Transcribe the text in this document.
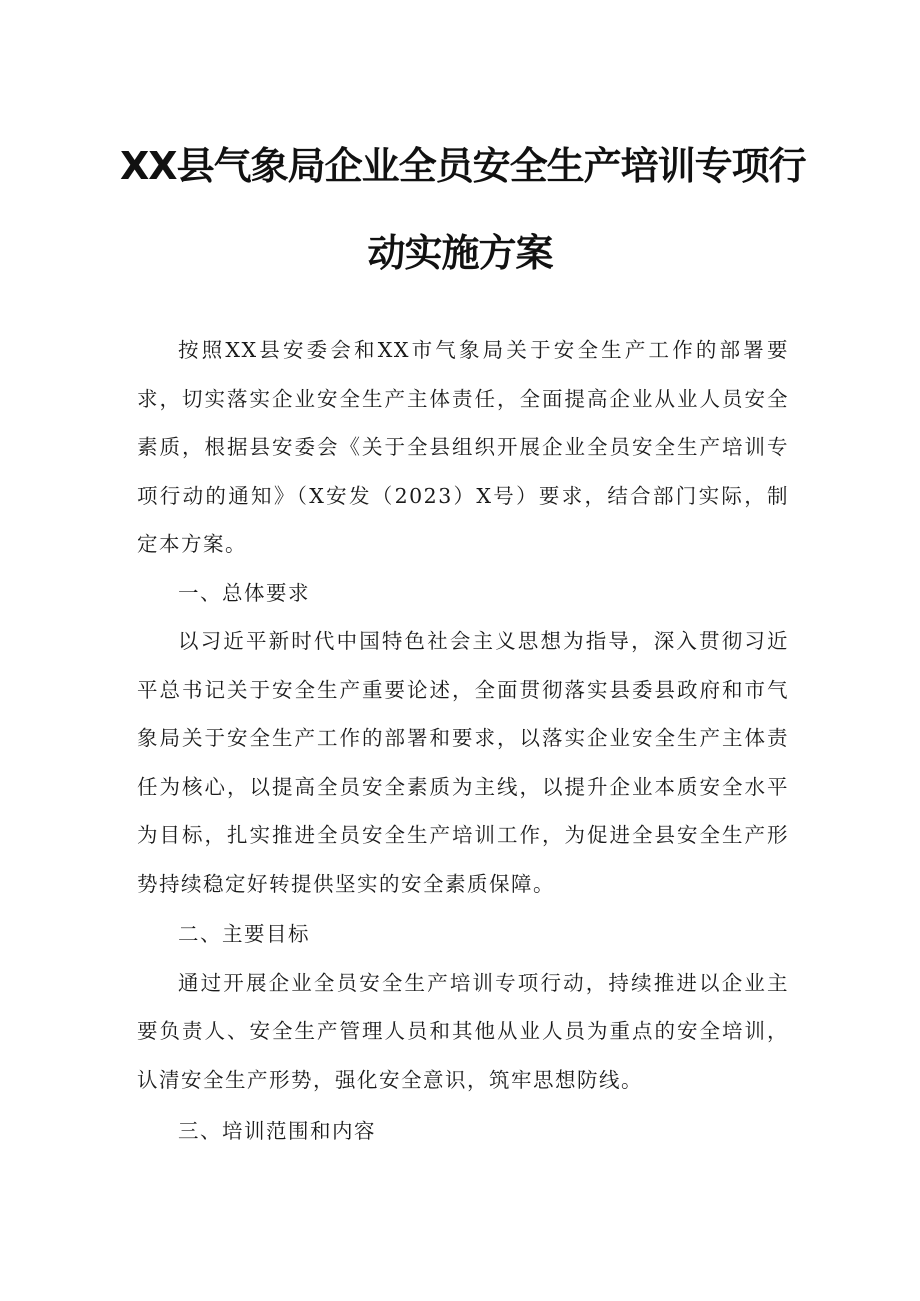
XX县气象局企业全员安全生产培训专项行
动实施方案

按照XX县安委会和XX市气象局关于安全生产工作的部署要求，切实落实企业安全生产主体责任，全面提高企业从业人员安全素质，根据县安委会《关于全县组织开展企业全员安全生产培训专项行动的通知》（X安发（2023）X号）要求，结合部门实际，制定本方案。

一、总体要求

以习近平新时代中国特色社会主义思想为指导，深入贯彻习近平总书记关于安全生产重要论述，全面贯彻落实县委县政府和市气象局关于安全生产工作的部署和要求，以落实企业安全生产主体责任为核心，以提高全员安全素质为主线，以提升企业本质安全水平为目标，扎实推进全员安全生产培训工作，为促进全县安全生产形势持续稳定好转提供坚实的安全素质保障。

二、主要目标

通过开展企业全员安全生产培训专项行动，持续推进以企业主要负责人、安全生产管理人员和其他从业人员为重点的安全培训，认清安全生产形势，强化安全意识，筑牢思想防线。

三、培训范围和内容
